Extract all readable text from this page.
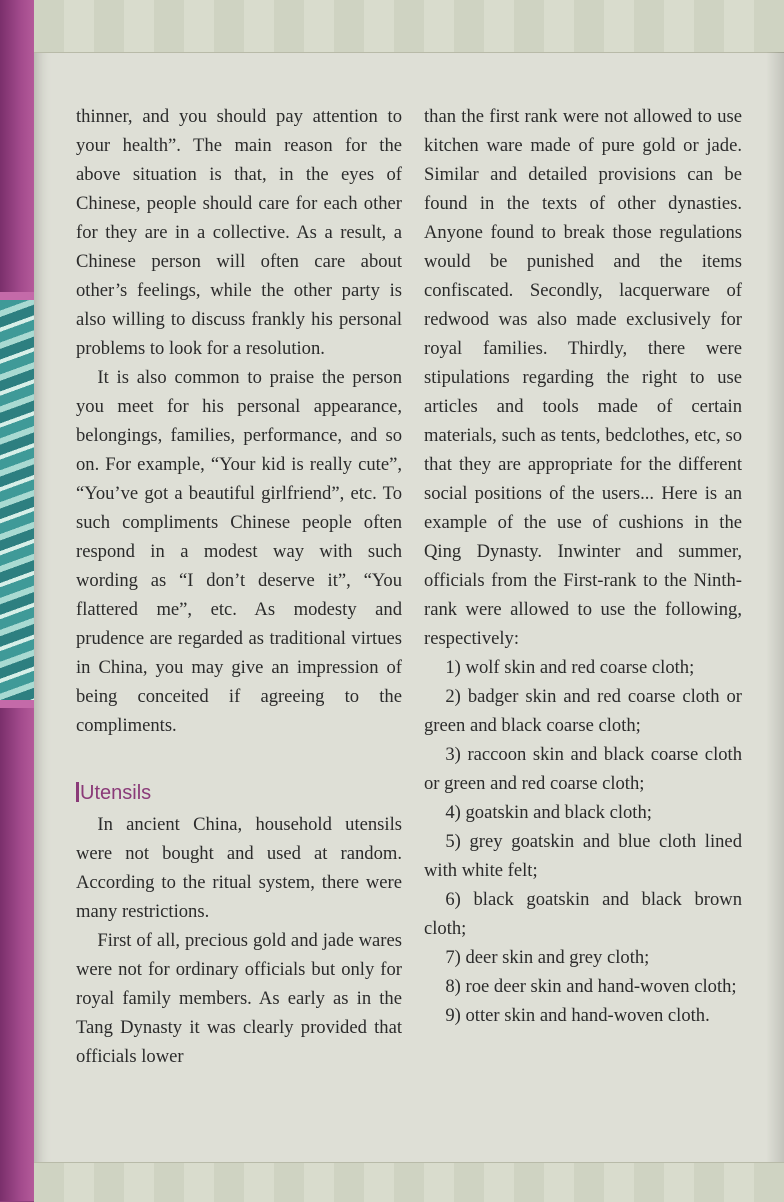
thinner, and you should pay attention to your health”. The main reason for the above situation is that, in the eyes of Chinese, people should care for each other for they are in a collective. As a result, a Chinese person will often care about other’s feelings, while the other party is also willing to discuss frankly his personal problems to look for a resolution.

It is also common to praise the person you meet for his personal appearance, belongings, families, performance, and so on. For example, “Your kid is really cute”, “You’ve got a beautiful girlfriend”, etc. To such compliments Chinese people often respond in a modest way with such wording as “I don’t deserve it”, “You flattered me”, etc. As modesty and prudence are regarded as traditional virtues in China, you may give an impression of being conceited if agreeing to the compliments.

Utensils

In ancient China, household utensils were not bought and used at random. According to the ritual system, there were many restrictions.

First of all, precious gold and jade wares were not for ordinary officials but only for royal family members. As early as in the Tang Dynasty it was clearly provided that officials lower

than the first rank were not allowed to use kitchen ware made of pure gold or jade. Similar and detailed provisions can be found in the texts of other dynasties. Anyone found to break those regulations would be punished and the items confiscated. Secondly, lacquerware of redwood was also made exclusively for royal families. Thirdly, there were stipulations regarding the right to use articles and tools made of certain materials, such as tents, bedclothes, etc, so that they are appropriate for the different social positions of the users... Here is an example of the use of cushions in the Qing Dynasty. Inwinter and summer, officials from the First-rank to the Ninth-rank were allowed to use the following, respectively:

1) wolf skin and red coarse cloth;

2) badger skin and red coarse cloth or green and black coarse cloth;

3) raccoon skin and black coarse cloth or green and red coarse cloth;

4) goatskin and black cloth;

5) grey goatskin and blue cloth lined with white felt;

6) black goatskin and black brown cloth;

7) deer skin and grey cloth;

8) roe deer skin and hand-woven cloth;

9) otter skin and hand-woven cloth.
